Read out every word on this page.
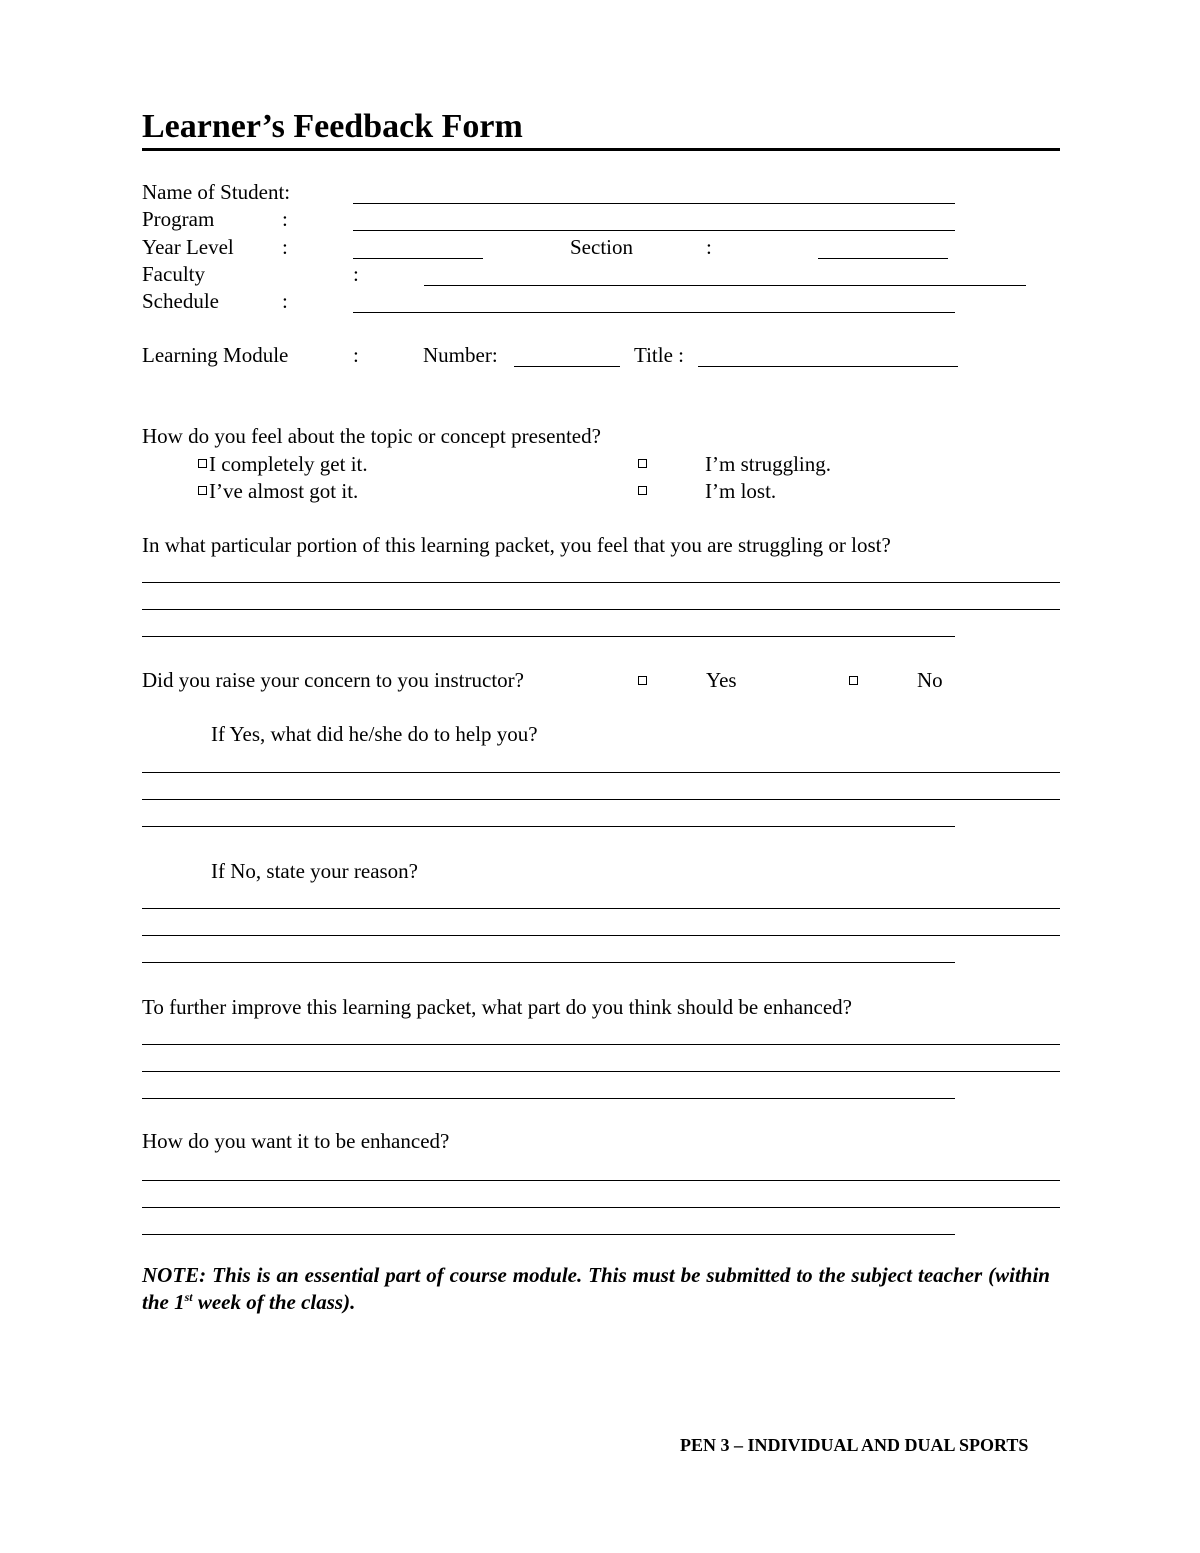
Learner’s Feedback Form
Name of Student:
Program	:
Year Level :	Section	:
Faculty	:
Schedule	:
Learning Module	:	Number:	Title :
How do you feel about the topic or concept presented?
I completely get it.	I’m struggling.
I’ve almost got it.	I’m lost.
In what particular portion of this learning packet, you feel that you are struggling or lost?
Did you raise your concern to you instructor?	Yes	No
If Yes, what did he/she do to help you?
If No, state your reason?
To further improve this learning packet, what part do you think should be enhanced?
How do you want it to be enhanced?
NOTE: This is an essential part of course module. This must be submitted to the subject teacher (within the 1st week of the class).
PEN 3 – INDIVIDUAL AND DUAL SPORTS
